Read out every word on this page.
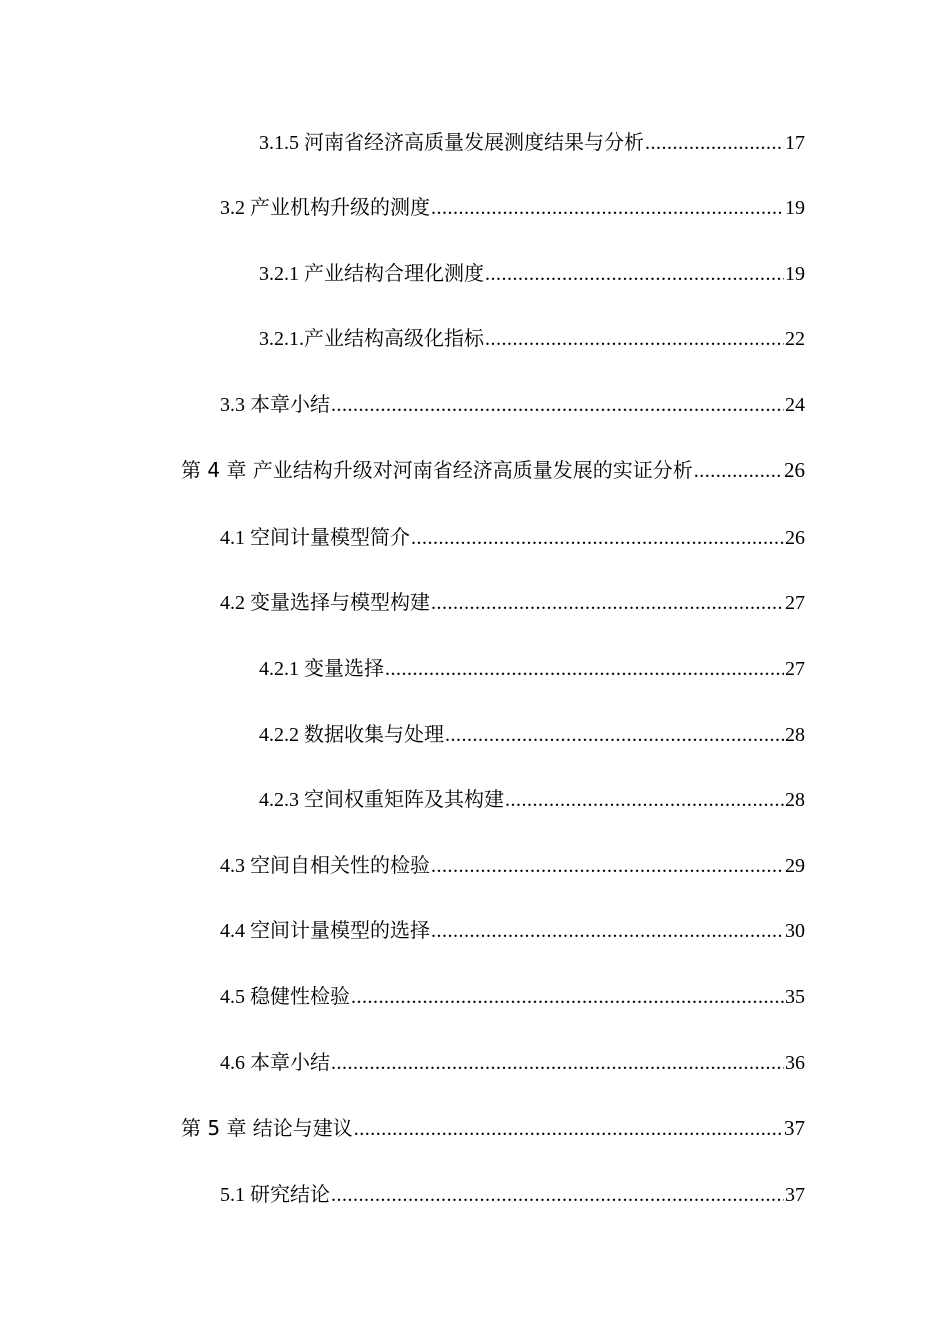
3.1.5 河南省经济高质量发展测度结果与分析 .....	17
3.2 产业机构升级的测度 .....	19
3.2.1 产业结构合理化测度 .....	19
3.2.1.产业结构高级化指标 .....	22
3.3 本章小结 .....	24
第 4 章 产业结构升级对河南省经济高质量发展的实证分析 .....	26
4.1 空间计量模型简介 .....	26
4.2 变量选择与模型构建 .....	27
4.2.1 变量选择 .....	27
4.2.2 数据收集与处理 .....	28
4.2.3 空间权重矩阵及其构建 .....	28
4.3 空间自相关性的检验 .....	29
4.4 空间计量模型的选择 .....	30
4.5 稳健性检验 .....	35
4.6 本章小结 .....	36
第 5 章 结论与建议 .....	37
5.1 研究结论 .....	37
